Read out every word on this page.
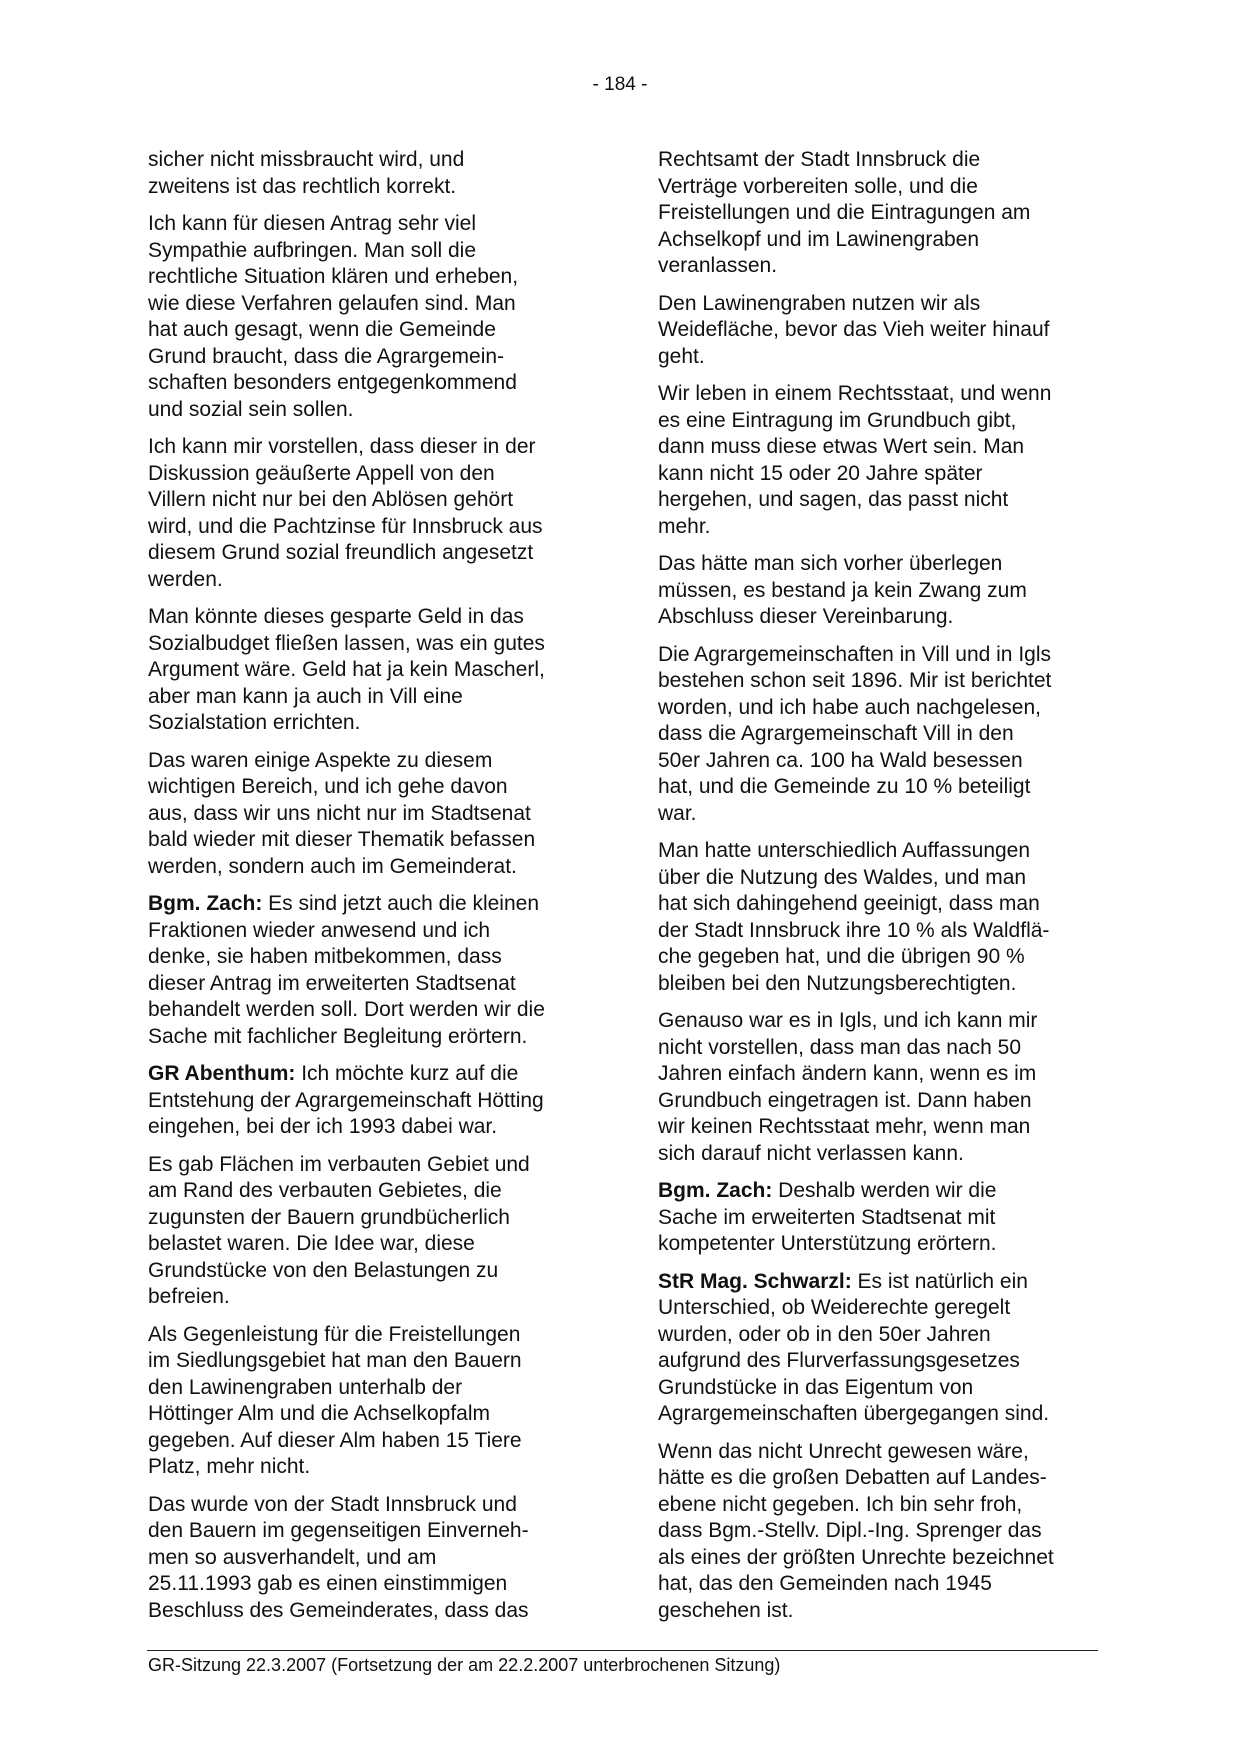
- 184 -

sicher nicht missbraucht wird, und
zweitens ist das rechtlich korrekt.

Ich kann für diesen Antrag sehr viel
Sympathie aufbringen. Man soll die
rechtliche Situation klären und erheben,
wie diese Verfahren gelaufen sind. Man
hat auch gesagt, wenn die Gemeinde
Grund braucht, dass die Agrargemein-
schaften besonders entgegenkommend
und sozial sein sollen.

Ich kann mir vorstellen, dass dieser in der
Diskussion geäußerte Appell von den
Villern nicht nur bei den Ablösen gehört
wird, und die Pachtzinse für Innsbruck aus
diesem Grund sozial freundlich angesetzt
werden.

Man könnte dieses gesparte Geld in das
Sozialbudget fließen lassen, was ein gutes
Argument wäre. Geld hat ja kein Mascherl,
aber man kann ja auch in Vill eine
Sozialstation errichten.

Das waren einige Aspekte zu diesem
wichtigen Bereich, und ich gehe davon
aus, dass wir uns nicht nur im Stadtsenat
bald wieder mit dieser Thematik befassen
werden, sondern auch im Gemeinderat.

Bgm. Zach: Es sind jetzt auch die kleinen
Fraktionen wieder anwesend und ich
denke, sie haben mitbekommen, dass
dieser Antrag im erweiterten Stadtsenat
behandelt werden soll. Dort werden wir die
Sache mit fachlicher Begleitung erörtern.

GR Abenthum: Ich möchte kurz auf die
Entstehung der Agrargemeinschaft Hötting
eingehen, bei der ich 1993 dabei war.

Es gab Flächen im verbauten Gebiet und
am Rand des verbauten Gebietes, die
zugunsten der Bauern grundbücherlich
belastet waren. Die Idee war, diese
Grundstücke von den Belastungen zu
befreien.

Als Gegenleistung für die Freistellungen
im Siedlungsgebiet hat man den Bauern
den Lawinengraben unterhalb der
Höttinger Alm und die Achselkopfalm
gegeben. Auf dieser Alm haben 15 Tiere
Platz, mehr nicht.

Das wurde von der Stadt Innsbruck und
den Bauern im gegenseitigen Einverneh-
men so ausverhandelt, und am
25.11.1993 gab es einen einstimmigen
Beschluss des Gemeinderates, dass das

Rechtsamt der Stadt Innsbruck die
Verträge vorbereiten solle, und die
Freistellungen und die Eintragungen am
Achselkopf und im Lawinengraben
veranlassen.

Den Lawinengraben nutzen wir als
Weidefläche, bevor das Vieh weiter hinauf
geht.

Wir leben in einem Rechtsstaat, und wenn
es eine Eintragung im Grundbuch gibt,
dann muss diese etwas Wert sein. Man
kann nicht 15 oder 20 Jahre später
hergehen, und sagen, das passt nicht
mehr.

Das hätte man sich vorher überlegen
müssen, es bestand ja kein Zwang zum
Abschluss dieser Vereinbarung.

Die Agrargemeinschaften in Vill und in Igls
bestehen schon seit 1896. Mir ist berichtet
worden, und ich habe auch nachgelesen,
dass die Agrargemeinschaft Vill in den
50er Jahren ca. 100 ha Wald besessen
hat, und die Gemeinde zu 10 % beteiligt
war.

Man hatte unterschiedlich Auffassungen
über die Nutzung des Waldes, und man
hat sich dahingehend geeinigt, dass man
der Stadt Innsbruck ihre 10 % als Waldflä-
che gegeben hat, und die übrigen 90 %
bleiben bei den Nutzungsberechtigten.

Genauso war es in Igls, und ich kann mir
nicht vorstellen, dass man das nach 50
Jahren einfach ändern kann, wenn es im
Grundbuch eingetragen ist. Dann haben
wir keinen Rechtsstaat mehr, wenn man
sich darauf nicht verlassen kann.

Bgm. Zach: Deshalb werden wir die
Sache im erweiterten Stadtsenat mit
kompetenter Unterstützung erörtern.

StR Mag. Schwarzl: Es ist natürlich ein
Unterschied, ob Weiderechte geregelt
wurden, oder ob in den 50er Jahren
aufgrund des Flurverfassungsgesetzes
Grundstücke in das Eigentum von
Agrargemeinschaften übergegangen sind.

Wenn das nicht Unrecht gewesen wäre,
hätte es die großen Debatten auf Landes-
ebene nicht gegeben. Ich bin sehr froh,
dass Bgm.-Stellv. Dipl.-Ing. Sprenger das
als eines der größten Unrechte bezeichnet
hat, das den Gemeinden nach 1945
geschehen ist.

GR-Sitzung 22.3.2007 (Fortsetzung der am 22.2.2007 unterbrochenen Sitzung)
